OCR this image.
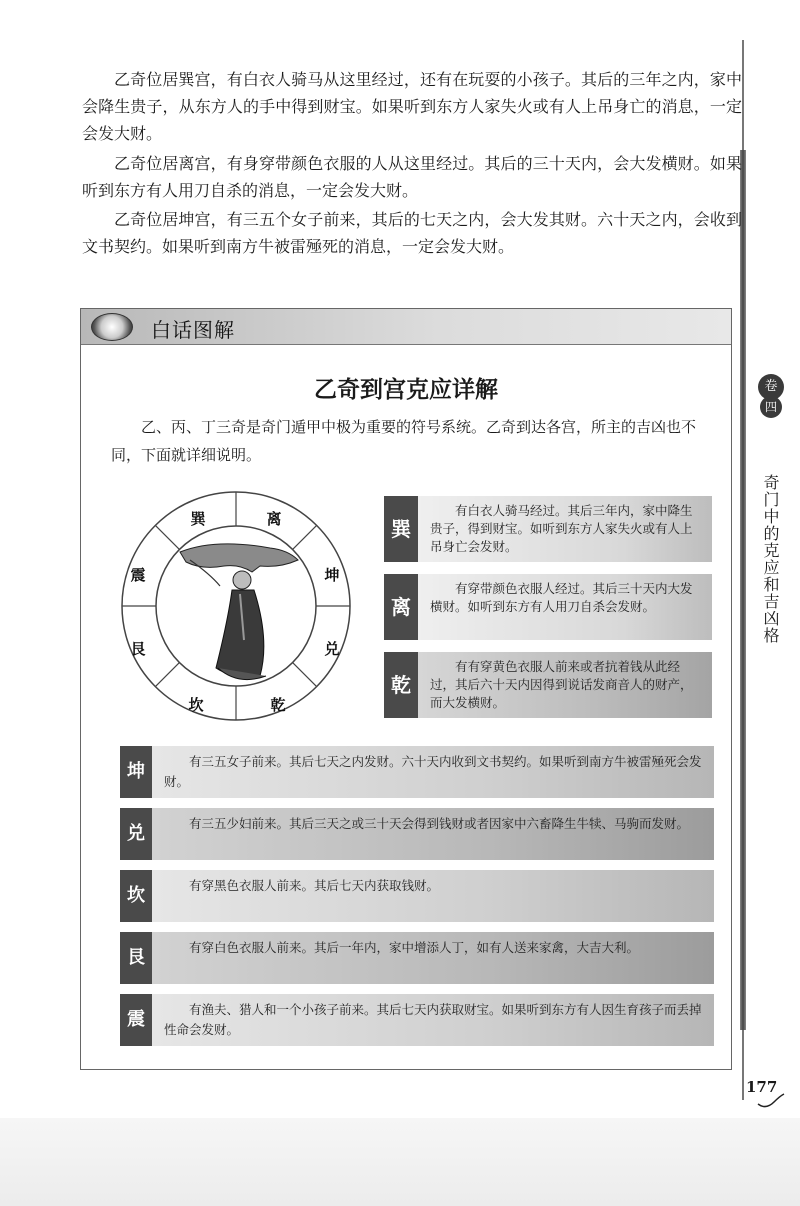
乙奇位居巽宫，有白衣人骑马从这里经过，还有在玩耍的小孩子。其后的三年之内，家中会降生贵子，从东方人的手中得到财宝。如果听到东方人家失火或有人上吊身亡的消息，一定会发大财。

乙奇位居离宫，有身穿带颜色衣服的人从这里经过。其后的三十天内，会大发横财。如果听到东方有人用刀自杀的消息，一定会发大财。

乙奇位居坤宫，有三五个女子前来，其后的七天之内，会大发其财。六十天之内，会收到文书契约。如果听到南方牛被雷殛死的消息，一定会发大财。

卷
四
奇门中的克应和吉凶格
白话图解
乙奇到宫克应详解

乙、丙、丁三奇是奇门遁甲中极为重要的符号系统。乙奇到达各宫，所主的吉凶也不同，下面就详细说明。

巽	离
坤
兑
乾
坎
艮
震
巽
有白衣人骑马经过。其后三年内，家中降生贵子，得到财宝。如听到东方人家失火或有人上吊身亡会发财。
离
有穿带颜色衣服人经过。其后三十天内大发横财。如听到东方有人用刀自杀会发财。
乾
有有穿黄色衣服人前来或者抗着钱从此经过，其后六十天内因得到说话发商音人的财产，而大发横财。
坤	有三五女子前来。其后七天之内发财。六十天内收到文书契约。如果听到南方牛被雷殛死会发财。
兑	有三五少妇前来。其后三天之或三十天会得到钱财或者因家中六畜降生牛犊、马驹而发财。
坎	有穿黑色衣服人前来。其后七天内获取钱财。
艮	有穿白色衣服人前来。其后一年内，家中增添人丁，如有人送来家禽，大吉大利。
震	有渔夫、猎人和一个小孩子前来。其后七天内获取财宝。如果听到东方有人因生育孩子而丢掉性命会发财。
177
